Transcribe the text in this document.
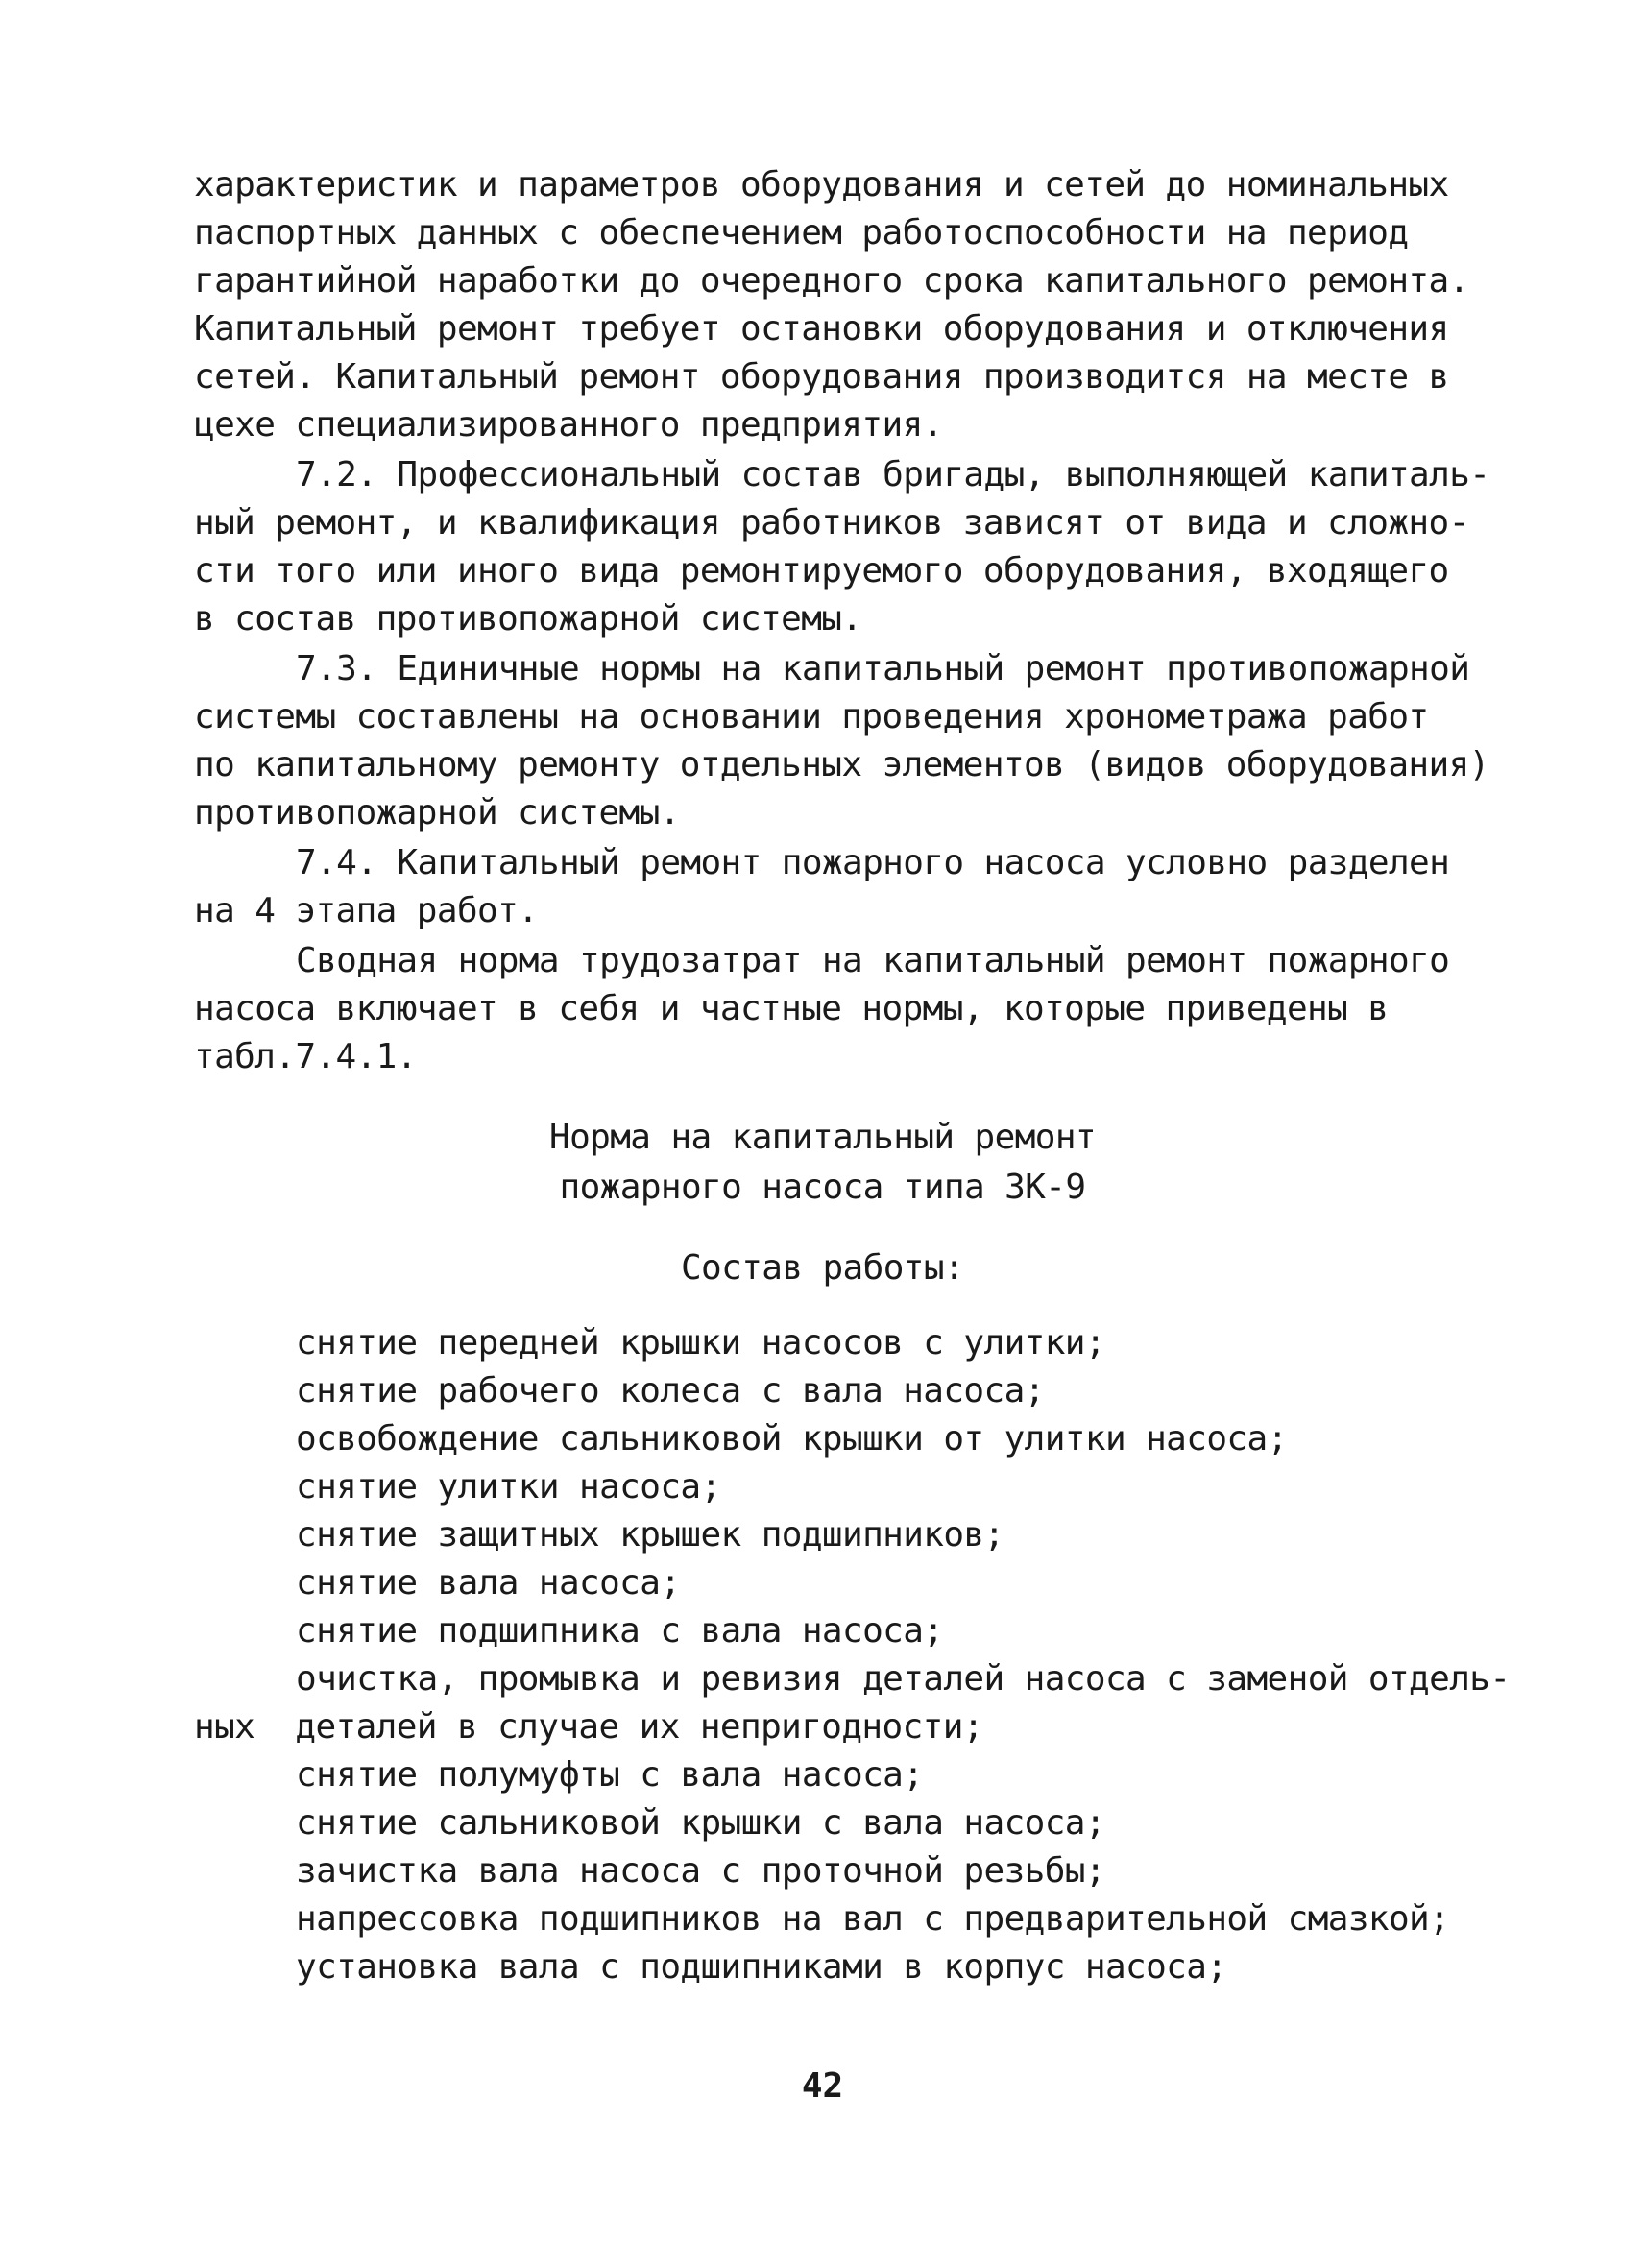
характеристик и параметров оборудования и сетей до номинальных
паспортных данных с обеспечением работоспособности на период
гарантийной наработки до очередного срока капитального ремонта.
Капитальный ремонт требует остановки оборудования и отключения
сетей. Капитальный ремонт оборудования производится на месте в
цехе специализированного предприятия.
7.2. Профессиональный состав бригады, выполняющей капиталь-
ный ремонт, и квалификация работников зависят от вида и сложно-
сти того или иного вида ремонтируемого оборудования, входящего
в состав противопожарной системы.
7.3. Единичные нормы на капитальный ремонт противопожарной
системы составлены на основании проведения хронометража работ
по капитальному ремонту отдельных элементов (видов оборудования)
противопожарной системы.
7.4. Капитальный ремонт пожарного насоса условно разделен
на 4 этапа работ.
Сводная норма трудозатрат на капитальный ремонт пожарного
насоса включает в себя и частные нормы, которые приведены в
табл.7.4.1.
Норма на капитальный ремонт
пожарного насоса типа ЗК-9
Состав работы:
снятие передней крышки насосов с улитки;
снятие рабочего колеса с вала насоса;
освобождение сальниковой крышки от улитки насоса;
снятие улитки насоса;
снятие защитных крышек подшипников;
снятие вала насоса;
снятие подшипника с вала насоса;
очистка, промывка и ревизия деталей насоса с заменой отдель-
ных  деталей в случае их непригодности;
снятие полумуфты с вала насоса;
снятие сальниковой крышки с вала насоса;
зачистка вала насоса с проточной резьбы;
напрессовка подшипников на вал с предварительной смазкой;
установка вала с подшипниками в корпус насоса;
42
